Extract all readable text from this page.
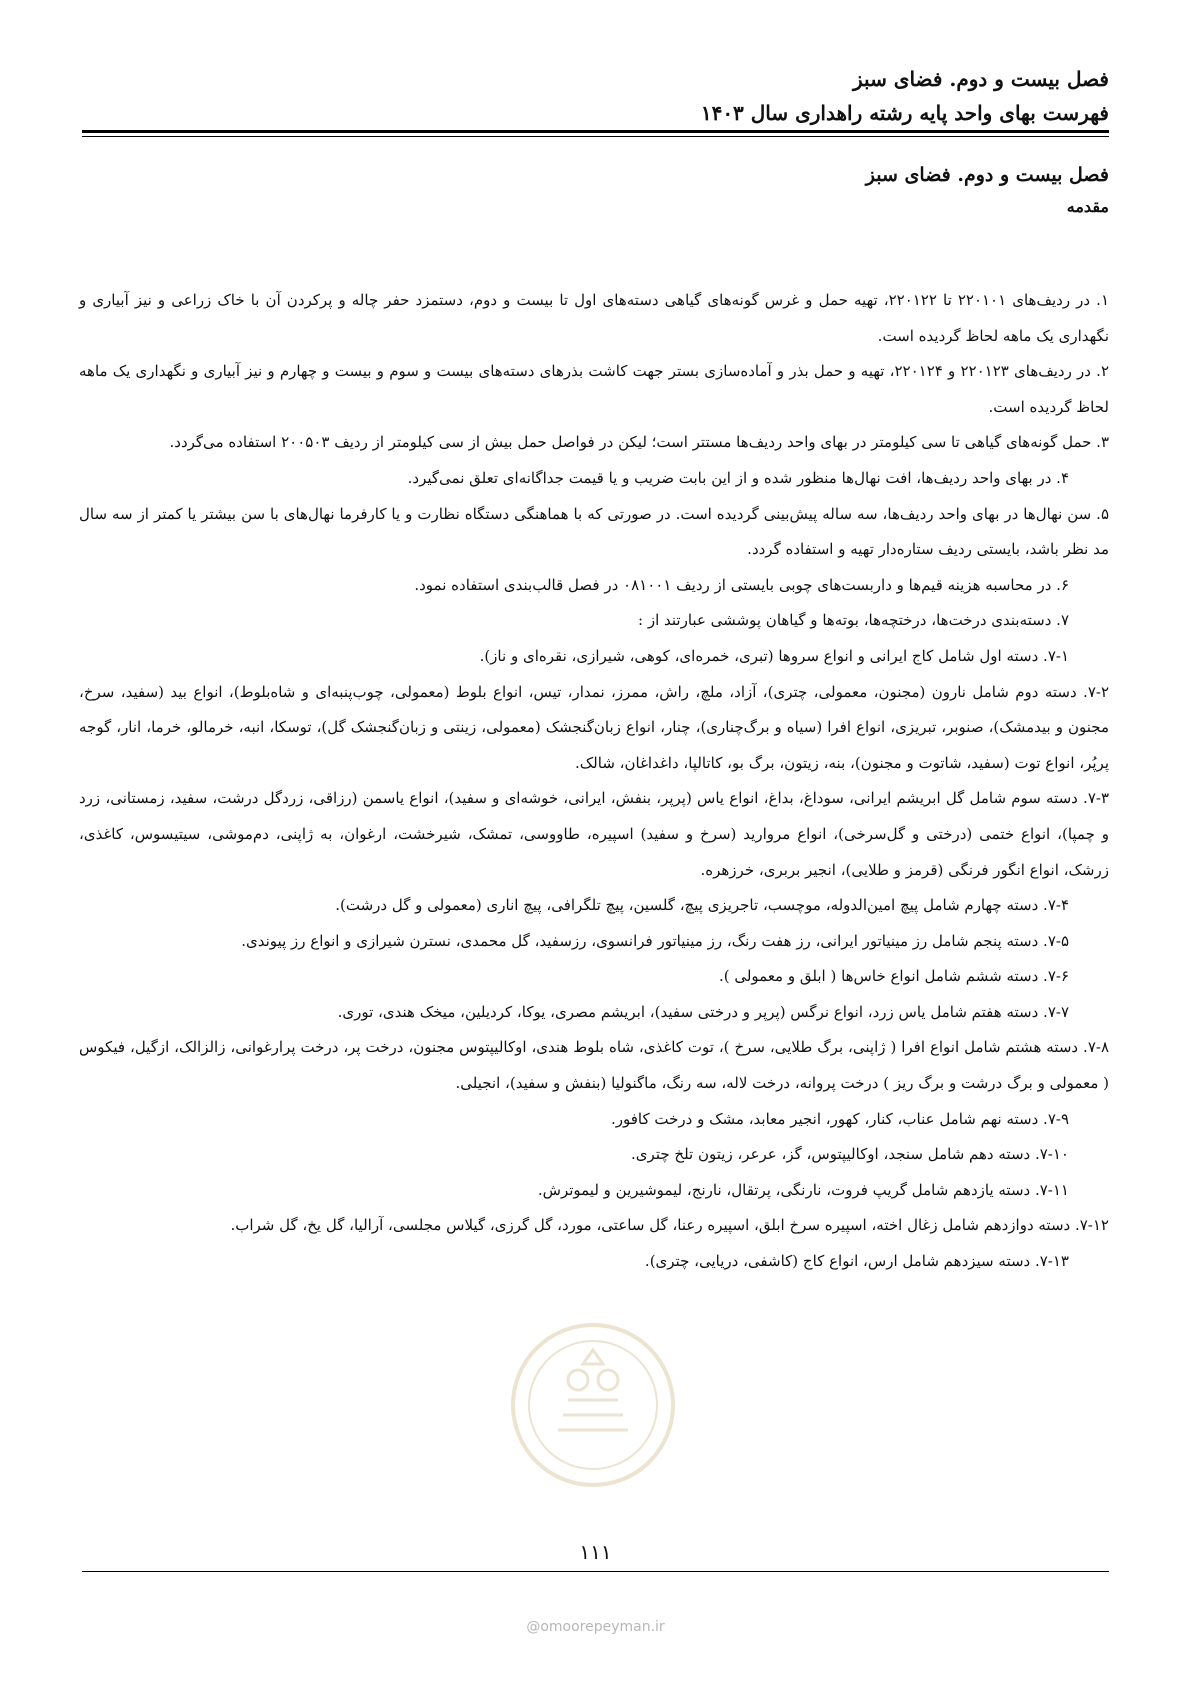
فصل بیست و دوم. فضای سبز
فهرست بهای واحد پایه رشته راهداری سال ۱۴۰۳
فصل بیست و دوم. فضای سبز
مقدمه

۱. در ردیف‌های ۲۲۰۱۰۱ تا ۲۲۰۱۲۲، تهیه حمل و غرس گونه‌های گیاهی دسته‌های اول تا بیست و دوم، دستمزد حفر چاله و پرکردن آن با خاک زراعی و نیز آبیاری و نگهداری یک ماهه لحاظ گردیده است.

۲. در ردیف‌های ۲۲۰۱۲۳ و ۲۲۰۱۲۴، تهیه و حمل بذر و آماده‌سازی بستر جهت کاشت بذرهای دسته‌های بیست و سوم و بیست و چهارم و نیز آبیاری و نگهداری یک ماهه لحاظ گردیده است.

۳. حمل گونه‌های گیاهی تا سی کیلومتر در بهای واحد ردیف‌ها مستتر است؛ لیکن در فواصل حمل بیش از سی کیلومتر از ردیف ۲۰۰۵۰۳ استفاده می‌گردد.

۴. در بهای واحد ردیف‌ها، افت نهال‌ها منظور شده و از این بابت ضریب و یا قیمت جداگانه‌ای تعلق نمی‌گیرد.

۵. سن نهال‌ها در بهای واحد ردیف‌ها، سه ساله پیش‌بینی گردیده است. در صورتی که با هماهنگی دستگاه نظارت و یا کارفرما نهال‌های با سن بیشتر یا کمتر از سه سال مد نظر باشد، بایستی ردیف ستاره‌دار تهیه و استفاده گردد.

۶. در محاسبه هزینه قیم‌ها و داربست‌های چوبی بایستی از ردیف ۰۸۱۰۰۱ در فصل قالب‌بندی استفاده نمود.

۷. دسته‌بندی درخت‌ها، درختچه‌ها، بوته‌ها و گیاهان پوششی عبارتند از :

۷-۱. دسته اول شامل کاج ایرانی و انواع سروها (تبری، خمره‌ای، کوهی، شیرازی، نقره‌ای و ناز).

۷-۲. دسته دوم شامل نارون (مجنون، معمولی، چتری)، آزاد، ملچ، راش، ممرز، نمدار، تیس، انواع بلوط (معمولی، چوب‌پنبه‌ای و شاه‌بلوط)، انواع بید (سفید، سرخ، مجنون و بیدمشک)، صنوبر، تبریزی، انواع افرا (سیاه و برگ‌چناری)، چنار، انواع زبان‌گنجشک (معمولی، زینتی و زبان‌گنجشک گل)، توسکا، انبه، خرمالو، خرما، انار، گوجه پرپُر، انواع توت (سفید، شاتوت و مجنون)، بنه، زیتون، برگ بو، کاتالپا، داغداغان، شالک.

۷-۳. دسته سوم شامل گل ابریشم ایرانی، سوداغ، بداغ، انواع یاس (پرپر، بنفش، ایرانی، خوشه‌ای و سفید)، انواع یاسمن (رزاقی، زردگل درشت، سفید، زمستانی، زرد و چمپا)، انواع ختمی (درختی و گل‌سرخی)، انواع مروارید (سرخ و سفید) اسپیره، طاووسی، تمشک، شیرخشت، ارغوان، به ژاپنی، دم‌موشی، سیتیسوس، کاغذی، زرشک، انواع انگور فرنگی (قرمز و طلایی)، انجیر بربری، خرزهره.

۷-۴. دسته چهارم شامل پیچ امین‌الدوله، موچسب، تاجریزی پیچ، گلسین، پیچ تلگرافی، پیچ اناری (معمولی و گل درشت).

۷-۵. دسته پنجم شامل رز مینیاتور ایرانی، رز هفت رنگ، رز مینیاتور فرانسوی، رزسفید، گل محمدی، نسترن شیرازی و انواع رز پیوندی.

۷-۶. دسته ششم شامل انواع خاس‌ها ( ابلق و معمولی ).

۷-۷. دسته هفتم شامل یاس زرد، انواع نرگس (پرپر و درختی سفید)، ابریشم مصری، یوکا، کردیلین، میخک هندی، توری.

۷-۸. دسته هشتم شامل انواع افرا ( ژاپنی، برگ طلایی، سرخ )، توت کاغذی، شاه بلوط هندی، اوکالیپتوس مجنون، درخت پر، درخت پرارغوانی، زالزالک، ازگیل، فیکوس ( معمولی و برگ درشت و برگ ریز ) درخت پروانه، درخت لاله، سه رنگ، ماگنولیا (بنفش و سفید)، انجیلی.

۷-۹. دسته نهم شامل عناب، کنار، کهور، انجیر معابد، مشک و درخت کافور.

۷-۱۰. دسته دهم شامل سنجد، اوکالیپتوس، گز، عرعر، زیتون تلخ چتری.

۷-۱۱. دسته یازدهم شامل گریپ فروت، نارنگی، پرتقال، نارنج، لیموشیرین و لیموترش.

۷-۱۲. دسته دوازدهم شامل زغال اخته، اسپیره سرخ ابلق، اسپیره رعنا، گل ساعتی، مورد، گل گرزی، گیلاس مجلسی، آرالیا، گل یخ، گل شراب.

۷-۱۳. دسته سیزدهم شامل ارس، انواع کاج (کاشفی، دریایی، چتری).

۱۱۱
@omoorepeyman.ir
